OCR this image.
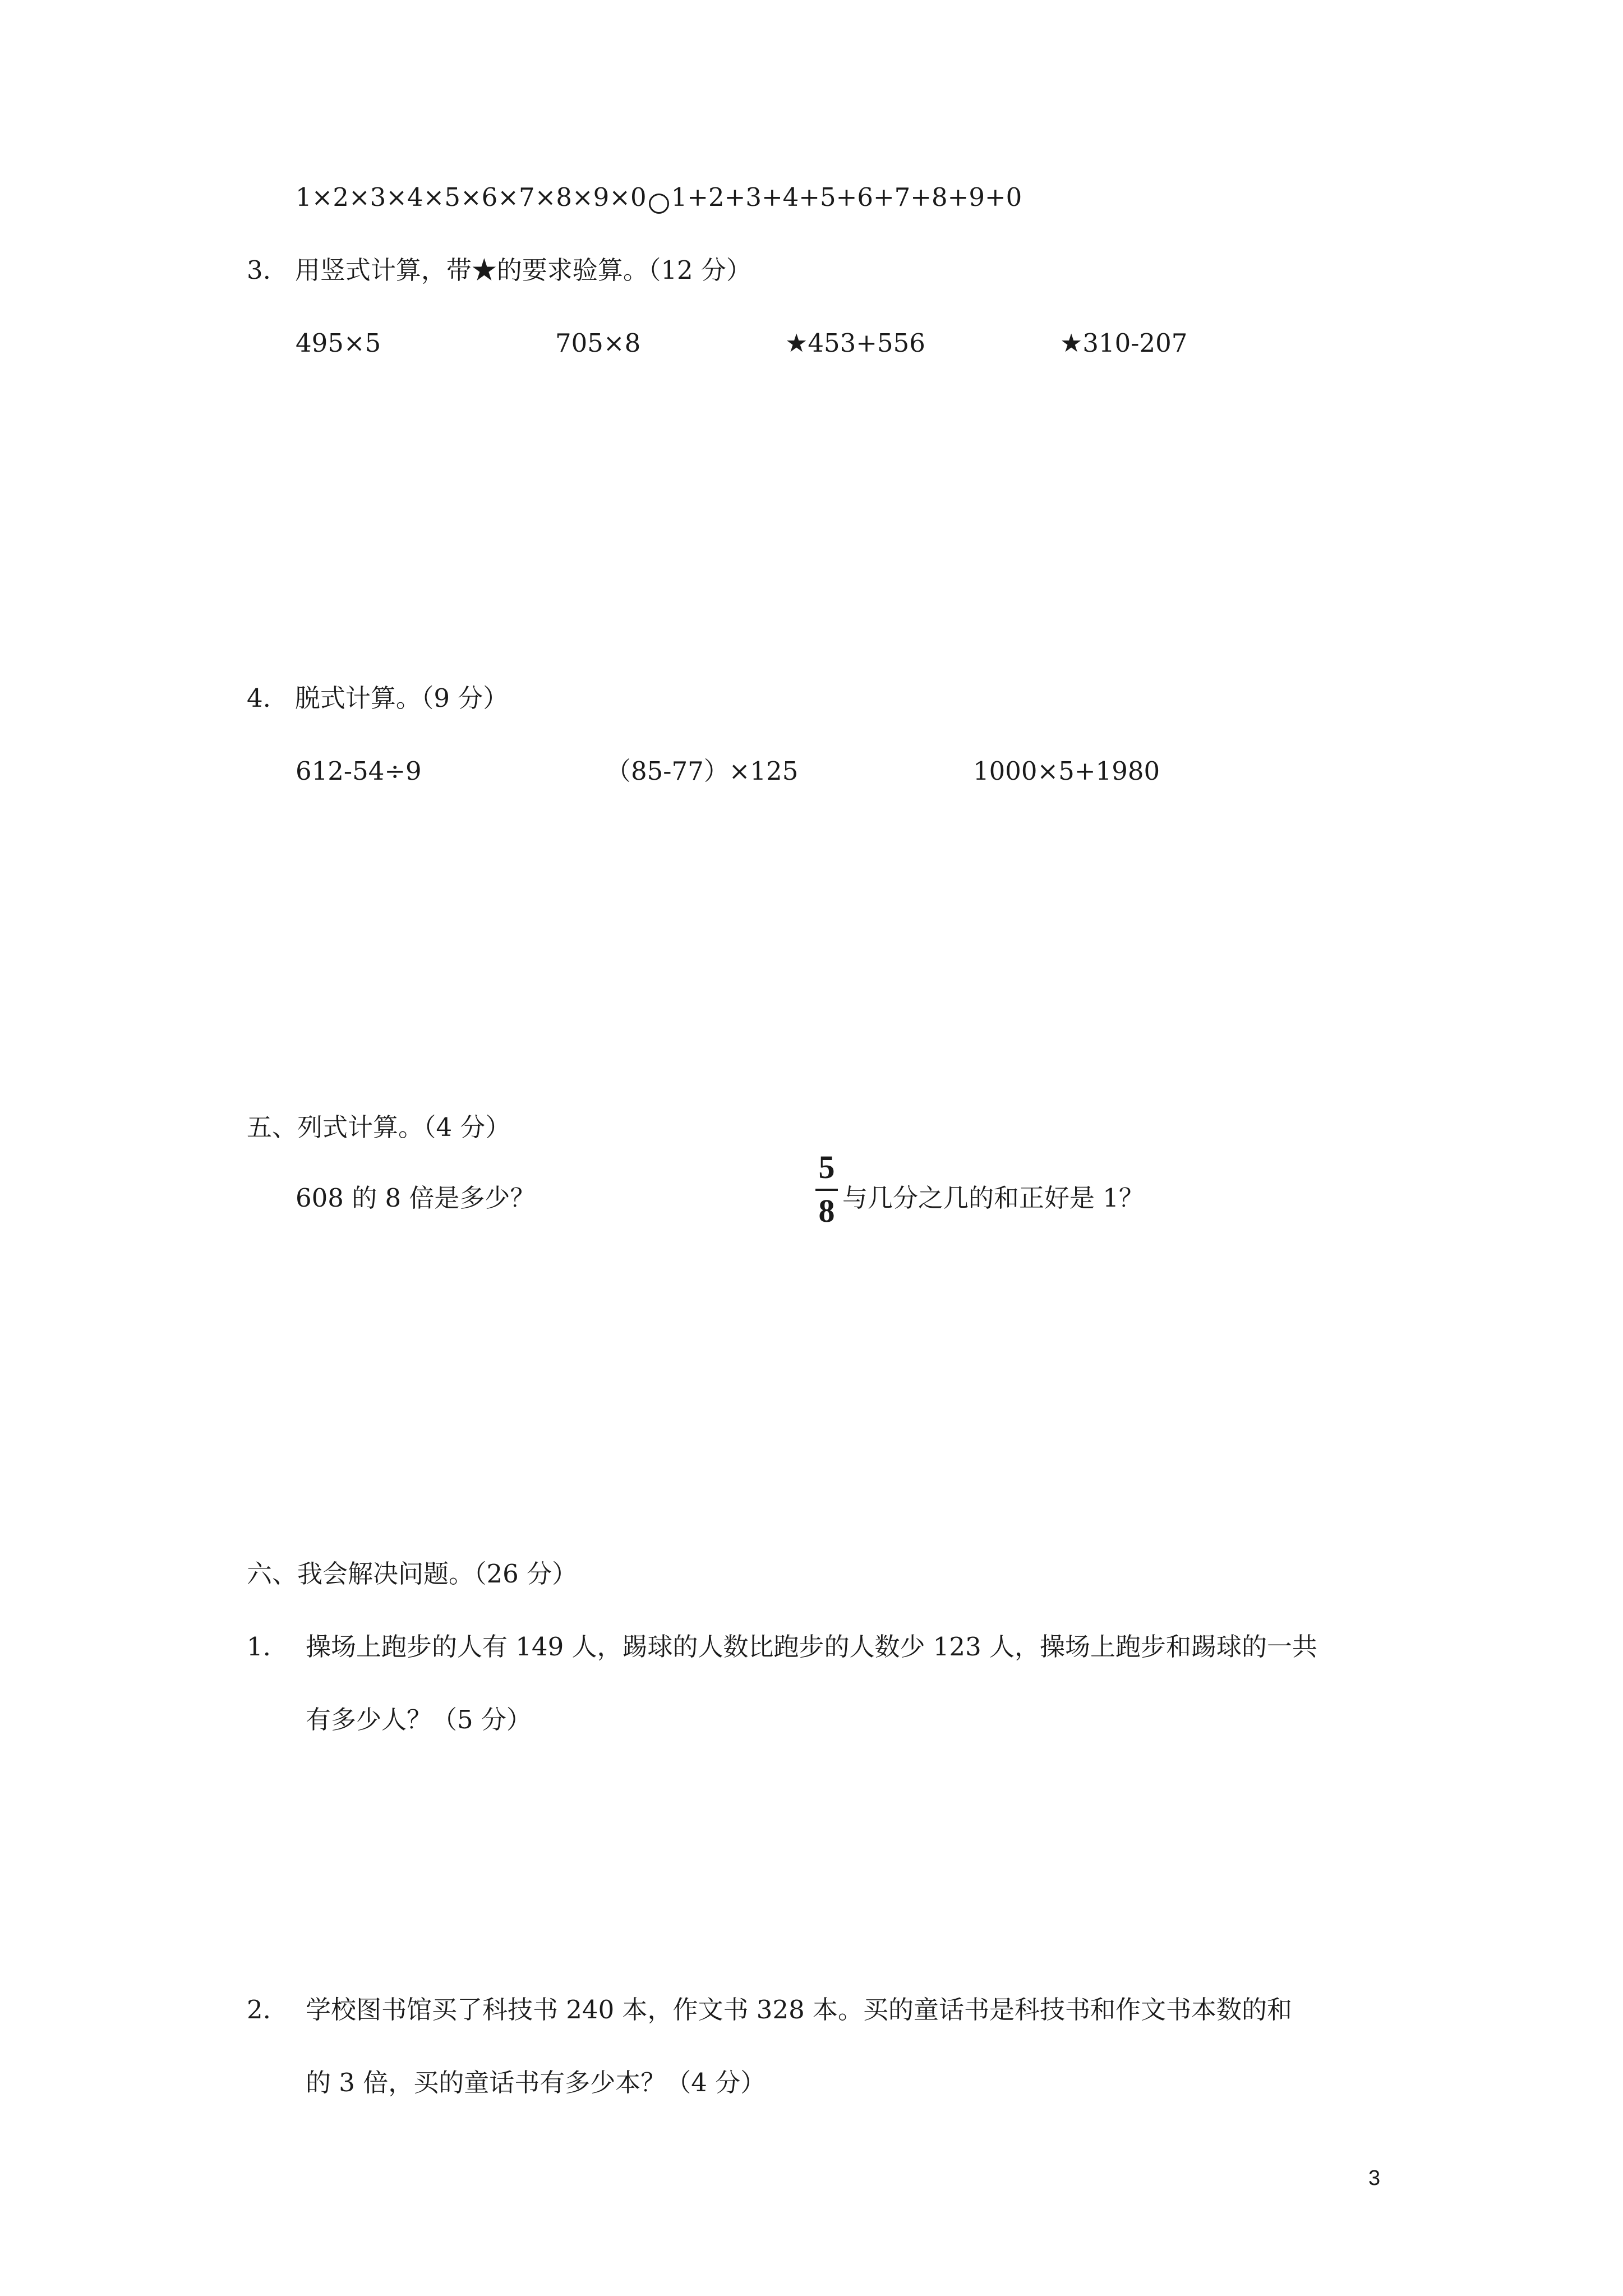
1×2×3×4×5×6×7×8×9×0 1+2+3+4+5+6+7+8+9+0
3.   用竖式计算，带★的要求验算。（12 分）
495×5	705×8	★453+556	★310-207
4.   脱式计算。（9 分）
612-54÷9	（85-77）×125	1000×5+1980
五、列式计算。（4 分）
608 的 8 倍是多少？
5
8 与几分之几的和正好是 1？
六、我会解决问题。（26 分）
1. 操场上跑步的人有 149 人，踢球的人数比跑步的人数少 123 人，操场上跑步和踢球的一共
有多少人？（5 分）
2. 学校图书馆买了科技书 240 本，作文书 328 本。买的童话书是科技书和作文书本数的和
的 3 倍，买的童话书有多少本？（4 分）
3
